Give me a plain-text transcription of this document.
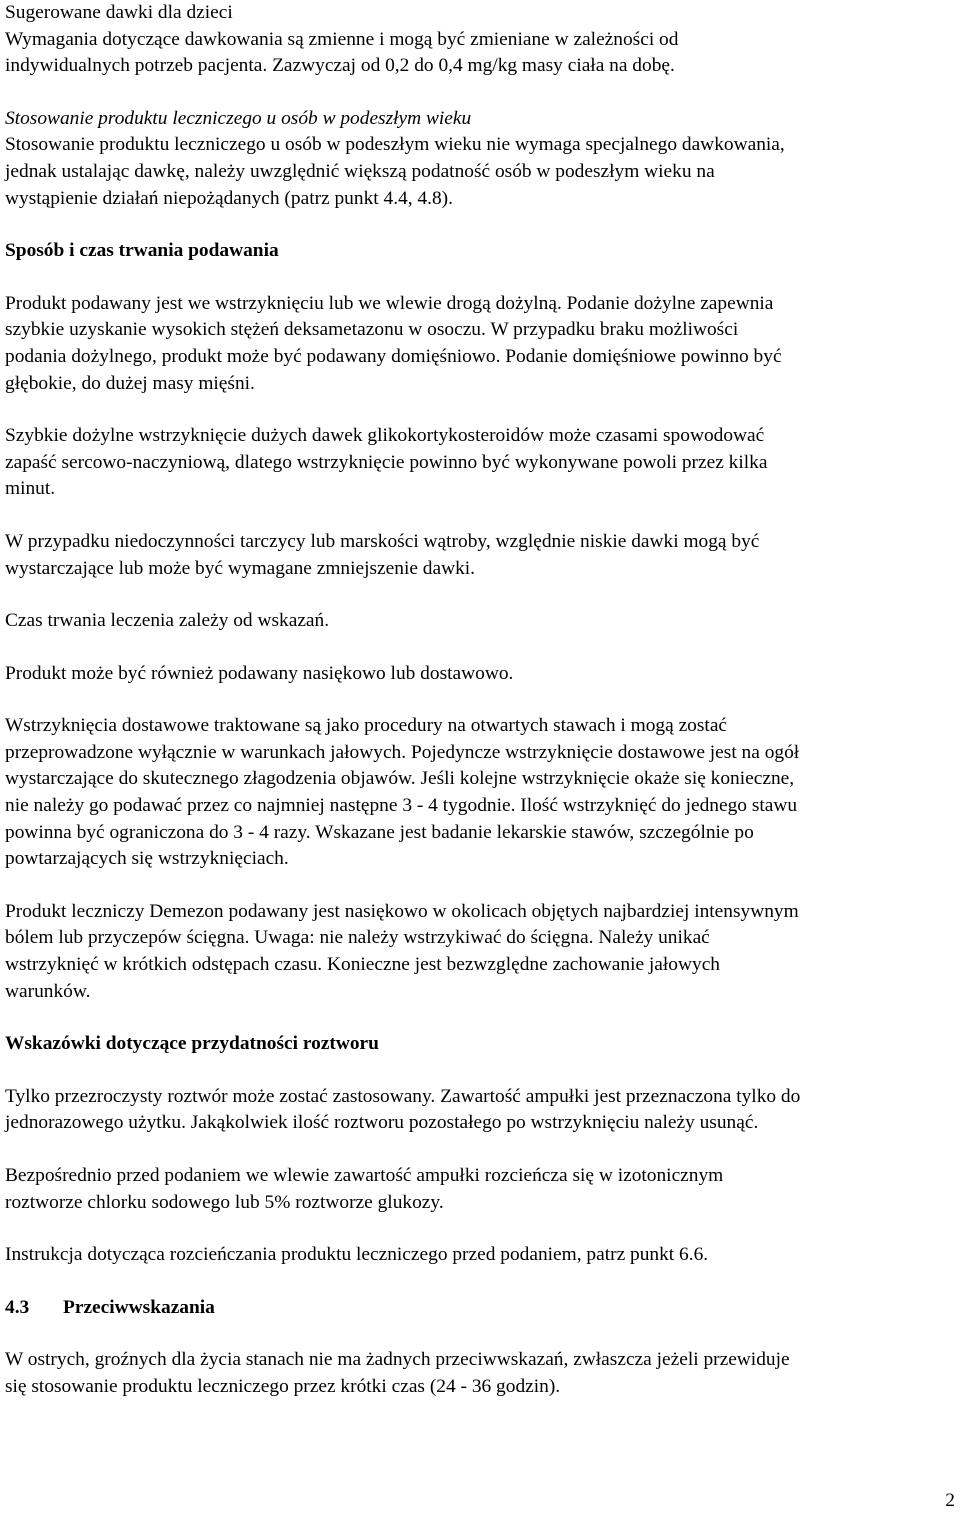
Sugerowane dawki dla dzieci
Wymagania dotyczące dawkowania są zmienne i mogą być zmieniane w zależności od
indywidualnych potrzeb pacjenta. Zazwyczaj od 0,2 do 0,4 mg/kg masy ciała na dobę.
Stosowanie produktu leczniczego u osób w podeszłym wieku
Stosowanie produktu leczniczego u osób w podeszłym wieku nie wymaga specjalnego dawkowania,
jednak ustalając dawkę, należy uwzględnić większą podatność osób w podeszłym wieku na
wystąpienie działań niepożądanych (patrz punkt 4.4, 4.8).
Sposób i czas trwania podawania
Produkt podawany jest we wstrzyknięciu lub we wlewie drogą dożylną. Podanie dożylne zapewnia
szybkie uzyskanie wysokich stężeń deksametazonu w osoczu. W przypadku braku możliwości
podania dożylnego, produkt może być podawany domięśniowo. Podanie domięśniowe powinno być
głębokie, do dużej masy mięśni.
Szybkie dożylne wstrzyknięcie dużych dawek glikokortykosteroidów może czasami spowodować
zapaść sercowo-naczyniową, dlatego wstrzyknięcie powinno być wykonywane powoli przez kilka
minut.
W przypadku niedoczynności tarczycy lub marskości wątroby, względnie niskie dawki mogą być
wystarczające lub może być wymagane zmniejszenie dawki.
Czas trwania leczenia zależy od wskazań.
Produkt może być również podawany nasiękowo lub dostawowo.
Wstrzyknięcia dostawowe traktowane są jako procedury na otwartych stawach i mogą zostać
przeprowadzone wyłącznie w warunkach jałowych. Pojedyncze wstrzyknięcie dostawowe jest na ogół
wystarczające do skutecznego złagodzenia objawów. Jeśli kolejne wstrzyknięcie okaże się konieczne,
nie należy go podawać przez co najmniej następne 3 - 4 tygodnie. Ilość wstrzyknięć do jednego stawu
powinna być ograniczona do 3 - 4 razy. Wskazane jest badanie lekarskie stawów, szczególnie po
powtarzających się wstrzyknięciach.
Produkt leczniczy Demezon podawany jest nasiękowo w okolicach objętych najbardziej intensywnym
bólem lub przyczepów ścięgna. Uwaga: nie należy wstrzykiwać do ścięgna. Należy unikać
wstrzyknięć w krótkich odstępach czasu. Konieczne jest bezwzględne zachowanie jałowych
warunków.
Wskazówki dotyczące przydatności roztworu
Tylko przezroczysty roztwór może zostać zastosowany. Zawartość ampułki jest przeznaczona tylko do
jednorazowego użytku. Jakąkolwiek ilość roztworu pozostałego po wstrzyknięciu należy usunąć.
Bezpośrednio przed podaniem we wlewie zawartość ampułki rozcieńcza się w izotonicznym
roztworze chlorku sodowego lub 5% roztworze glukozy.
Instrukcja dotycząca rozcieńczania produktu leczniczego przed podaniem, patrz punkt 6.6.
4.3 Przeciwwskazania
W ostrych, groźnych dla życia stanach nie ma żadnych przeciwwskazań, zwłaszcza jeżeli przewiduje
się stosowanie produktu leczniczego przez krótki czas (24 - 36 godzin).
2
